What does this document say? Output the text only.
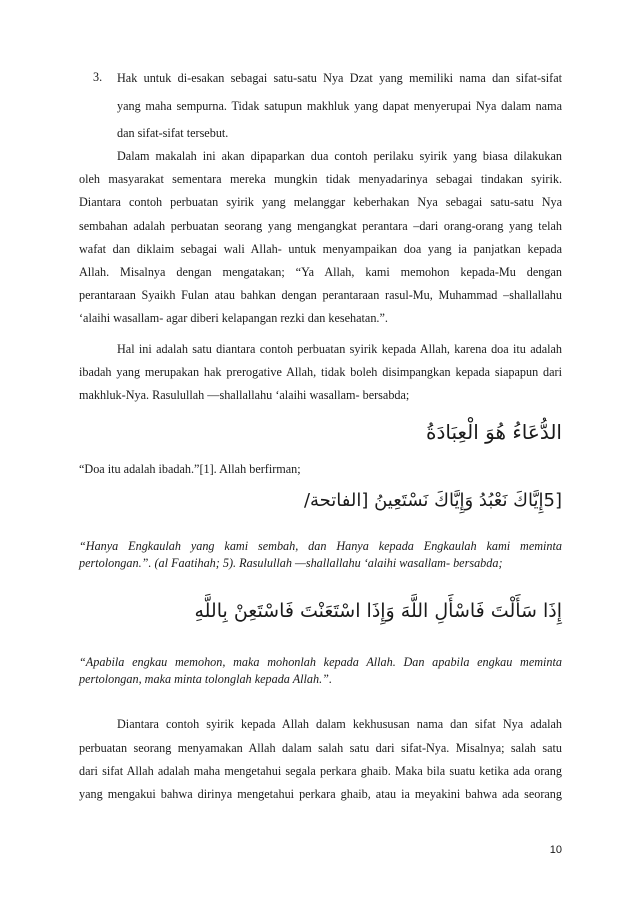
3. Hak untuk di-esakan sebagai satu-satu Nya Dzat yang memiliki nama dan sifat-sifat
yang maha sempurna. Tidak satupun makhluk yang dapat menyerupai Nya dalam nama
dan sifat-sifat tersebut.
Dalam makalah ini akan dipaparkan dua contoh perilaku syirik yang biasa dilakukan
oleh masyarakat sementara mereka mungkin tidak menyadarinya sebagai tindakan syirik.
Diantara contoh perbuatan syirik yang melanggar keberhakan Nya sebagai satu-satu Nya
sembahan adalah perbuatan seorang yang mengangkat perantara –dari orang-orang yang telah
wafat dan diklaim sebagai wali Allah- untuk menyampaikan doa yang ia panjatkan kepada
Allah. Misalnya dengan mengatakan; “Ya Allah, kami memohon kepada-Mu dengan
perantaraan Syaikh Fulan atau bahkan dengan perantaraan rasul-Mu, Muhammad –shallallahu
‘alaihi wasallam- agar diberi kelapangan rezki dan kesehatan.”.
Hal ini adalah satu diantara contoh perbuatan syirik kepada Allah, karena doa itu adalah
ibadah yang merupakan hak prerogative Allah, tidak boleh disimpangkan kepada siapapun dari
makhluk-Nya. Rasulullah —shallallahu ‘alaihi wasallam- bersabda;
الدُّعَاءُ هُوَ الْعِبَادَةُ
“Doa itu adalah ibadah.”[1]. Allah berfirman;
[5إِيَّاكَ نَعْبُدُ وَإِيَّاكَ نَسْتَعِينُ [الفاتحة/
“Hanya Engkaulah yang kami sembah, dan Hanya kepada Engkaulah kami meminta
pertolongan.”. (al Faatihah; 5). Rasulullah —shallallahu ‘alaihi wasallam- bersabda;
إِذَا سَأَلْتَ فَاسْأَلِ اللَّهَ وَإِذَا اسْتَعَنْتَ فَاسْتَعِنْ بِاللَّهِ
“Apabila engkau memohon, maka mohonlah kepada Allah. Dan apabila engkau meminta
pertolongan, maka minta tolonglah kepada Allah.”.
Diantara contoh syirik kepada Allah dalam kekhususan nama dan sifat Nya adalah
perbuatan seorang menyamakan Allah dalam salah satu dari sifat-Nya. Misalnya; salah satu
dari sifat Allah adalah maha mengetahui segala perkara ghaib. Maka bila suatu ketika ada orang
yang mengakui bahwa dirinya mengetahui perkara ghaib, atau ia meyakini bahwa ada seorang
10
